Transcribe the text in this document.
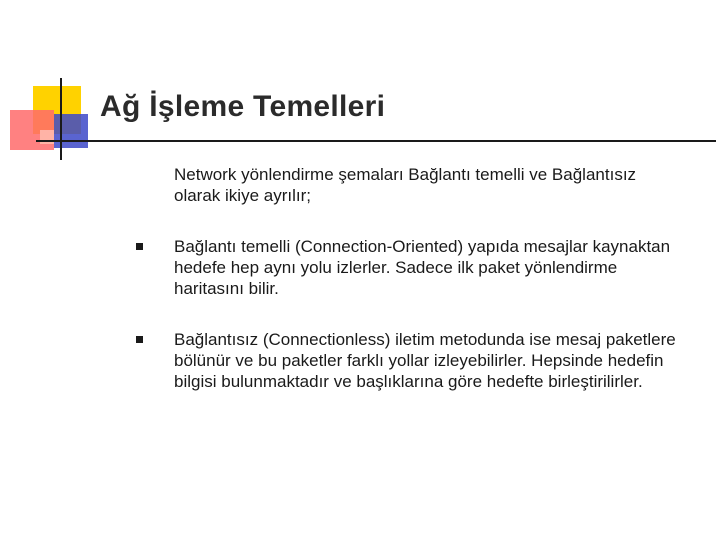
Ağ İşleme Temelleri

Network yönlendirme şemaları Bağlantı temelli ve Bağlantısız olarak ikiye ayrılır;

Bağlantı temelli (Connection-Oriented) yapıda mesajlar kaynaktan hedefe hep aynı yolu izlerler. Sadece ilk paket yönlendirme haritasını bilir.
Bağlantısız (Connectionless) iletim metodunda ise mesaj paketlere bölünür ve bu paketler farklı yollar izleyebilirler. Hepsinde hedefin bilgisi bulunmaktadır ve başlıklarına göre hedefte birleştirilirler.
